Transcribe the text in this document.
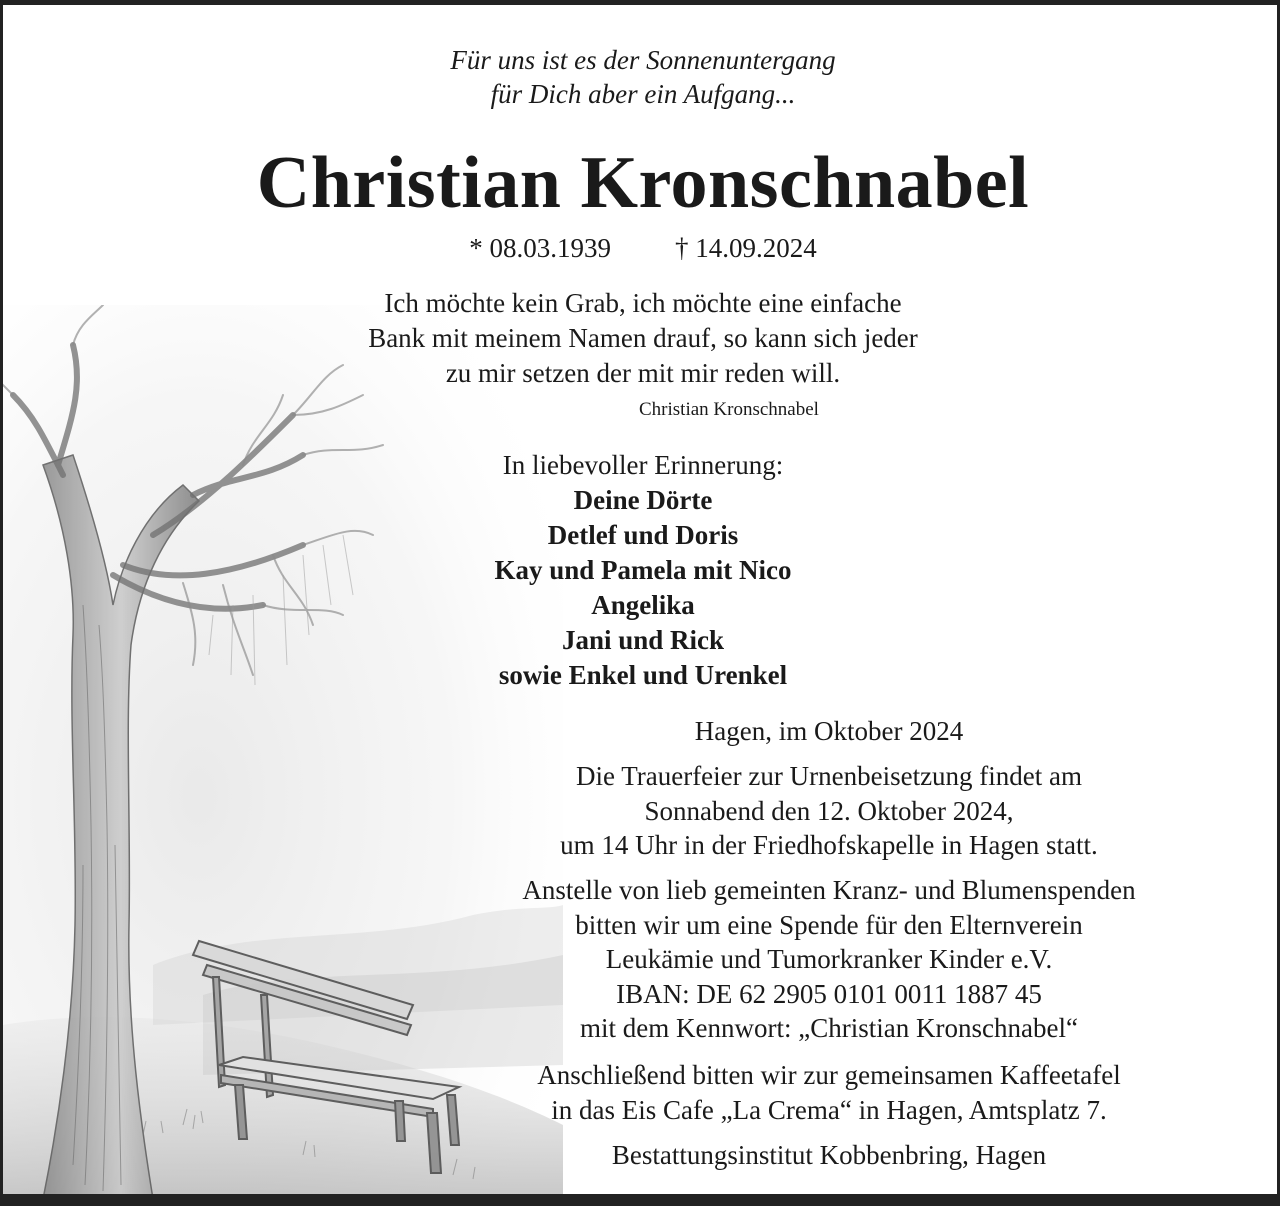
Für uns ist es der Sonnenuntergang
für Dich aber ein Aufgang...
Christian Kronschnabel
* 08.03.1939 † 14.09.2024
Ich möchte kein Grab, ich möchte eine einfache
Bank mit meinem Namen drauf, so kann sich jeder
zu mir setzen der mit mir reden will.
Christian Kronschnabel
In liebevoller Erinnerung:
Deine Dörte
Detlef und Doris
Kay und Pamela mit Nico
Angelika
Jani und Rick
sowie Enkel und Urenkel
Hagen, im Oktober 2024
Die Trauerfeier zur Urnenbeisetzung findet am
Sonnabend den 12. Oktober 2024,
um 14 Uhr in der Friedhofskapelle in Hagen statt.
Anstelle von lieb gemeinten Kranz- und Blumenspenden
bitten wir um eine Spende für den Elternverein
Leukämie und Tumorkranker Kinder e.V.
IBAN: DE 62 2905 0101 0011 1887 45
mit dem Kennwort: „Christian Kronschnabel“
Anschließend bitten wir zur gemeinsamen Kaffeetafel
in das Eis Cafe „La Crema“ in Hagen, Amtsplatz 7.
Bestattungsinstitut Kobbenbring, Hagen
